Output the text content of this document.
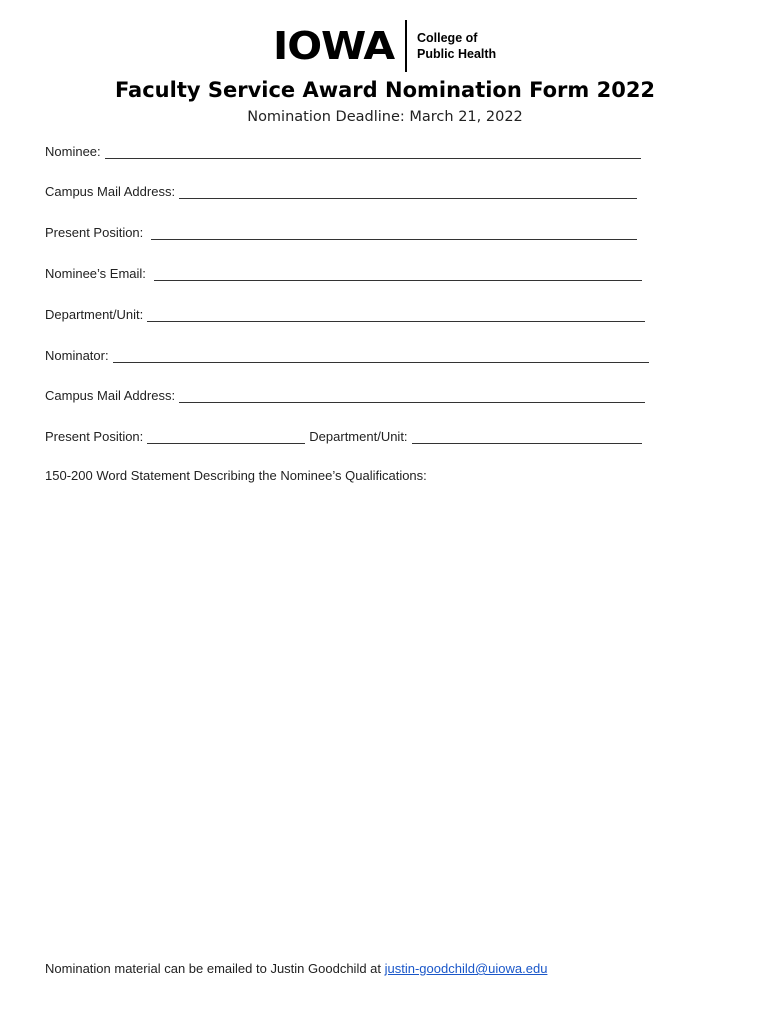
IOWA College of
Public Health
Faculty Service Award Nomination Form 2022
Nomination Deadline: March 21, 2022
Nominee:
Campus Mail Address:
Present Position:
Nominee’s Email:
Department/Unit:
Nominator:
Campus Mail Address:
Present Position:	Department/Unit:
150-200 Word Statement Describing the Nominee’s Qualifications:
Nomination material can be emailed to Justin Goodchild at justin-goodchild@uiowa.edu
